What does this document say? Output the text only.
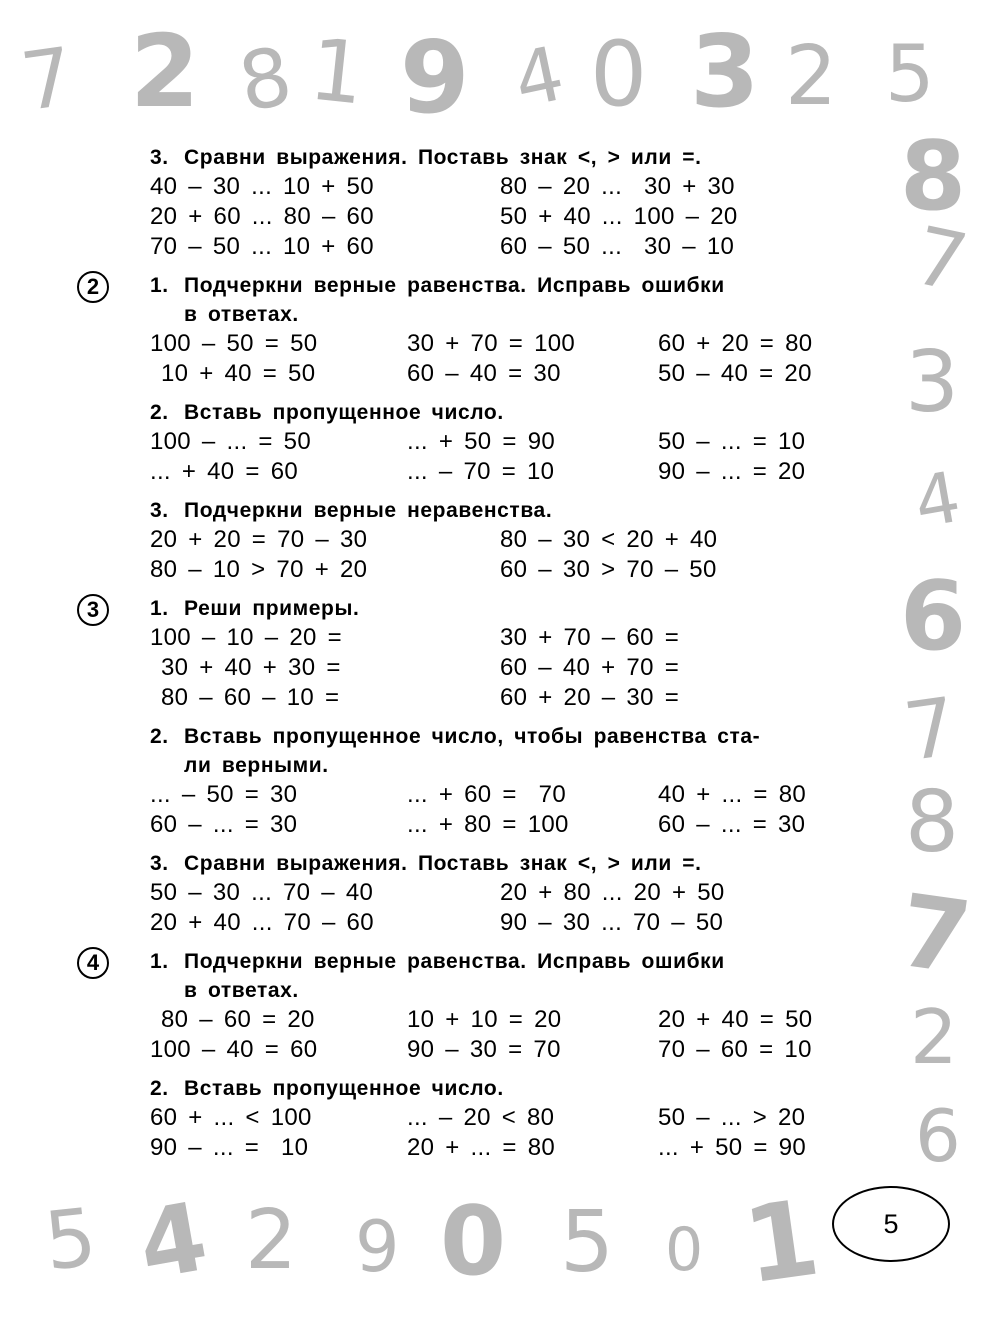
7 2 8 1 9 4 0 3 2 5
8
7
3
4
6
7
8
7
2
6
5 4 2 9 0 5 0 1
3. Сравни выражения. Поставь знак <, > или =.
40 – 30 ... 10 + 50	80 – 20 ...  30 + 30
20 + 60 ... 80 – 60	50 + 40 ... 100 – 20
70 – 50 ... 10 + 60	60 – 50 ...  30 – 10
2	1. Подчеркни верные равенства. Исправь ошибки
в ответах.
100 – 50 = 50	30 + 70 = 100	60 + 20 = 80
10 + 40 = 50	60 – 40 = 30	50 – 40 = 20
2. Вставь пропущенное число.
100 – ... = 50	... + 50 = 90	50 – ... = 10
... + 40 = 60	... – 70 = 10	90 – ... = 20
3. Подчеркни верные неравенства.
20 + 20 = 70 – 30	80 – 30 < 20 + 40
80 – 10 > 70 + 20	60 – 30 > 70 – 50
3	1. Реши примеры.
100 – 10 – 20 =	30 + 70 – 60 =
30 + 40 + 30 =	60 – 40 + 70 =
80 – 60 – 10 =	60 + 20 – 30 =
2. Вставь пропущенное число, чтобы равенства ста-
ли верными.
... – 50 = 30	... + 60 =  70	40 + ... = 80
60 – ... = 30	... + 80 = 100	60 – ... = 30
3. Сравни выражения. Поставь знак <, > или =.
50 – 30 ... 70 – 40	20 + 80 ... 20 + 50
20 + 40 ... 70 – 60	90 – 30 ... 70 – 50
4	1. Подчеркни верные равенства. Исправь ошибки
в ответах.
80 – 60 = 20	10 + 10 = 20	20 + 40 = 50
100 – 40 = 60	90 – 30 = 70	70 – 60 = 10
2. Вставь пропущенное число.
60 + ... < 100	... – 20 < 80	50 – ... > 20
90 – ... =  10	20 + ... = 80	... + 50 = 90
5
